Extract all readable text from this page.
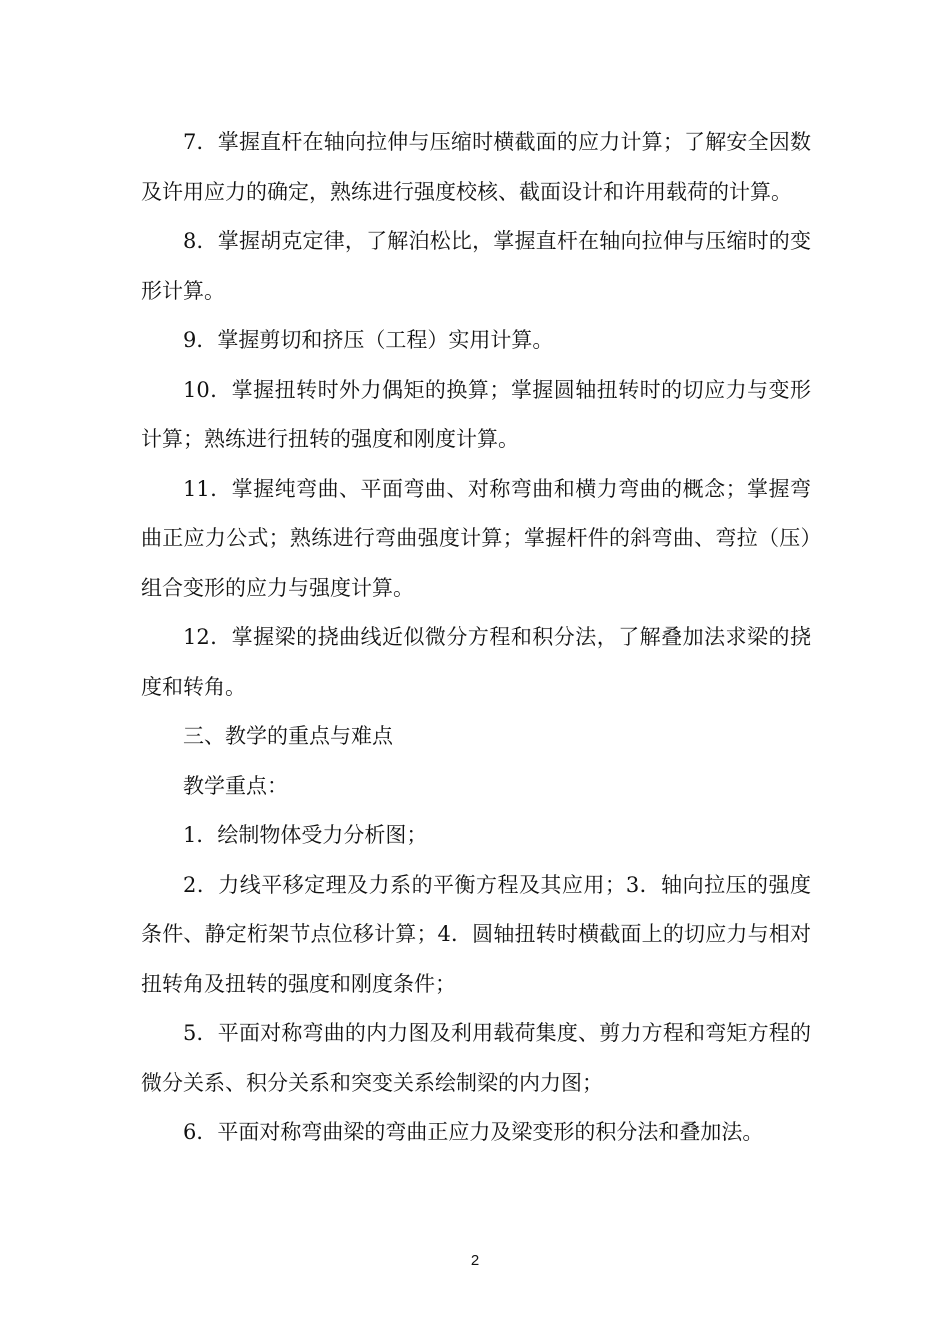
7．掌握直杆在轴向拉伸与压缩时横截面的应力计算；了解安全因数及许用应力的确定，熟练进行强度校核、截面设计和许用载荷的计算。

8．掌握胡克定律，了解泊松比，掌握直杆在轴向拉伸与压缩时的变形计算。

9．掌握剪切和挤压（工程）实用计算。

10．掌握扭转时外力偶矩的换算；掌握圆轴扭转时的切应力与变形计算；熟练进行扭转的强度和刚度计算。

11．掌握纯弯曲、平面弯曲、对称弯曲和横力弯曲的概念；掌握弯曲正应力公式；熟练进行弯曲强度计算；掌握杆件的斜弯曲、弯拉（压）组合变形的应力与强度计算。

12．掌握梁的挠曲线近似微分方程和积分法，了解叠加法求梁的挠度和转角。

三、教学的重点与难点

教学重点：

1．绘制物体受力分析图；

2．力线平移定理及力系的平衡方程及其应用；3．轴向拉压的强度条件、静定桁架节点位移计算；4．圆轴扭转时横截面上的切应力与相对扭转角及扭转的强度和刚度条件；

5．平面对称弯曲的内力图及利用载荷集度、剪力方程和弯矩方程的微分关系、积分关系和突变关系绘制梁的内力图；

6．平面对称弯曲梁的弯曲正应力及梁变形的积分法和叠加法。

2
